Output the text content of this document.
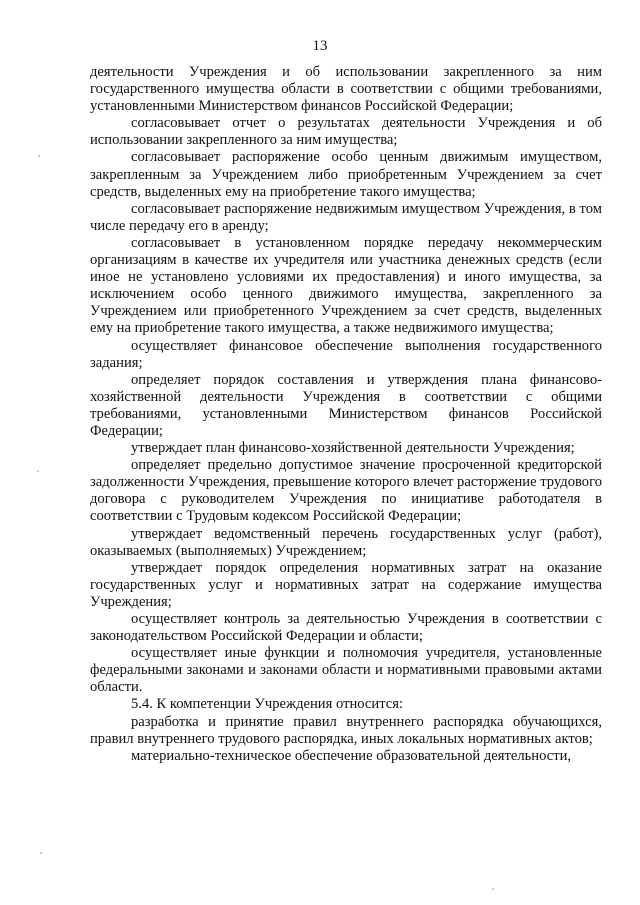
13

деятельности Учреждения и об использовании закрепленного за ним государственного имущества области в соответствии с общими требованиями, установленными Министерством финансов Российской Федерации;

согласовывает отчет о результатах деятельности Учреждения и об использовании закрепленного за ним имущества;

согласовывает распоряжение особо ценным движимым имуществом, закрепленным за Учреждением либо приобретенным Учреждением за счет средств, выделенных ему на приобретение такого имущества;

согласовывает распоряжение недвижимым имуществом Учреждения, в том числе передачу его в аренду;

согласовывает в установленном порядке передачу некоммерческим организациям в качестве их учредителя или участника денежных средств (если иное не установлено условиями их предоставления) и иного имущества, за исключением особо ценного движимого имущества, закрепленного за Учреждением или приобретенного Учреждением за счет средств, выделенных ему на приобретение такого имущества, а также недвижимого имущества;

осуществляет финансовое обеспечение выполнения государственного задания;

определяет порядок составления и утверждения плана финансово-хозяйственной деятельности Учреждения в соответствии с общими требованиями, установленными Министерством финансов Российской Федерации;

утверждает план финансово-хозяйственной деятельности Учреждения;

определяет предельно допустимое значение просроченной кредиторской задолженности Учреждения, превышение которого влечет расторжение трудового договора с руководителем Учреждения по инициативе работодателя в соответствии с Трудовым кодексом Российской Федерации;

утверждает ведомственный перечень государственных услуг (работ), оказываемых (выполняемых) Учреждением;

утверждает порядок определения нормативных затрат на оказание государственных услуг и нормативных затрат на содержание имущества Учреждения;

осуществляет контроль за деятельностью Учреждения в соответствии с законодательством Российской Федерации и области;

осуществляет иные функции и полномочия учредителя, установленные федеральными законами и законами области и нормативными правовыми актами области.

5.4. К компетенции Учреждения относится:

разработка и принятие правил внутреннего распорядка обучающихся, правил внутреннего трудового распорядка, иных локальных нормативных актов;

материально-техническое обеспечение образовательной деятельности,
